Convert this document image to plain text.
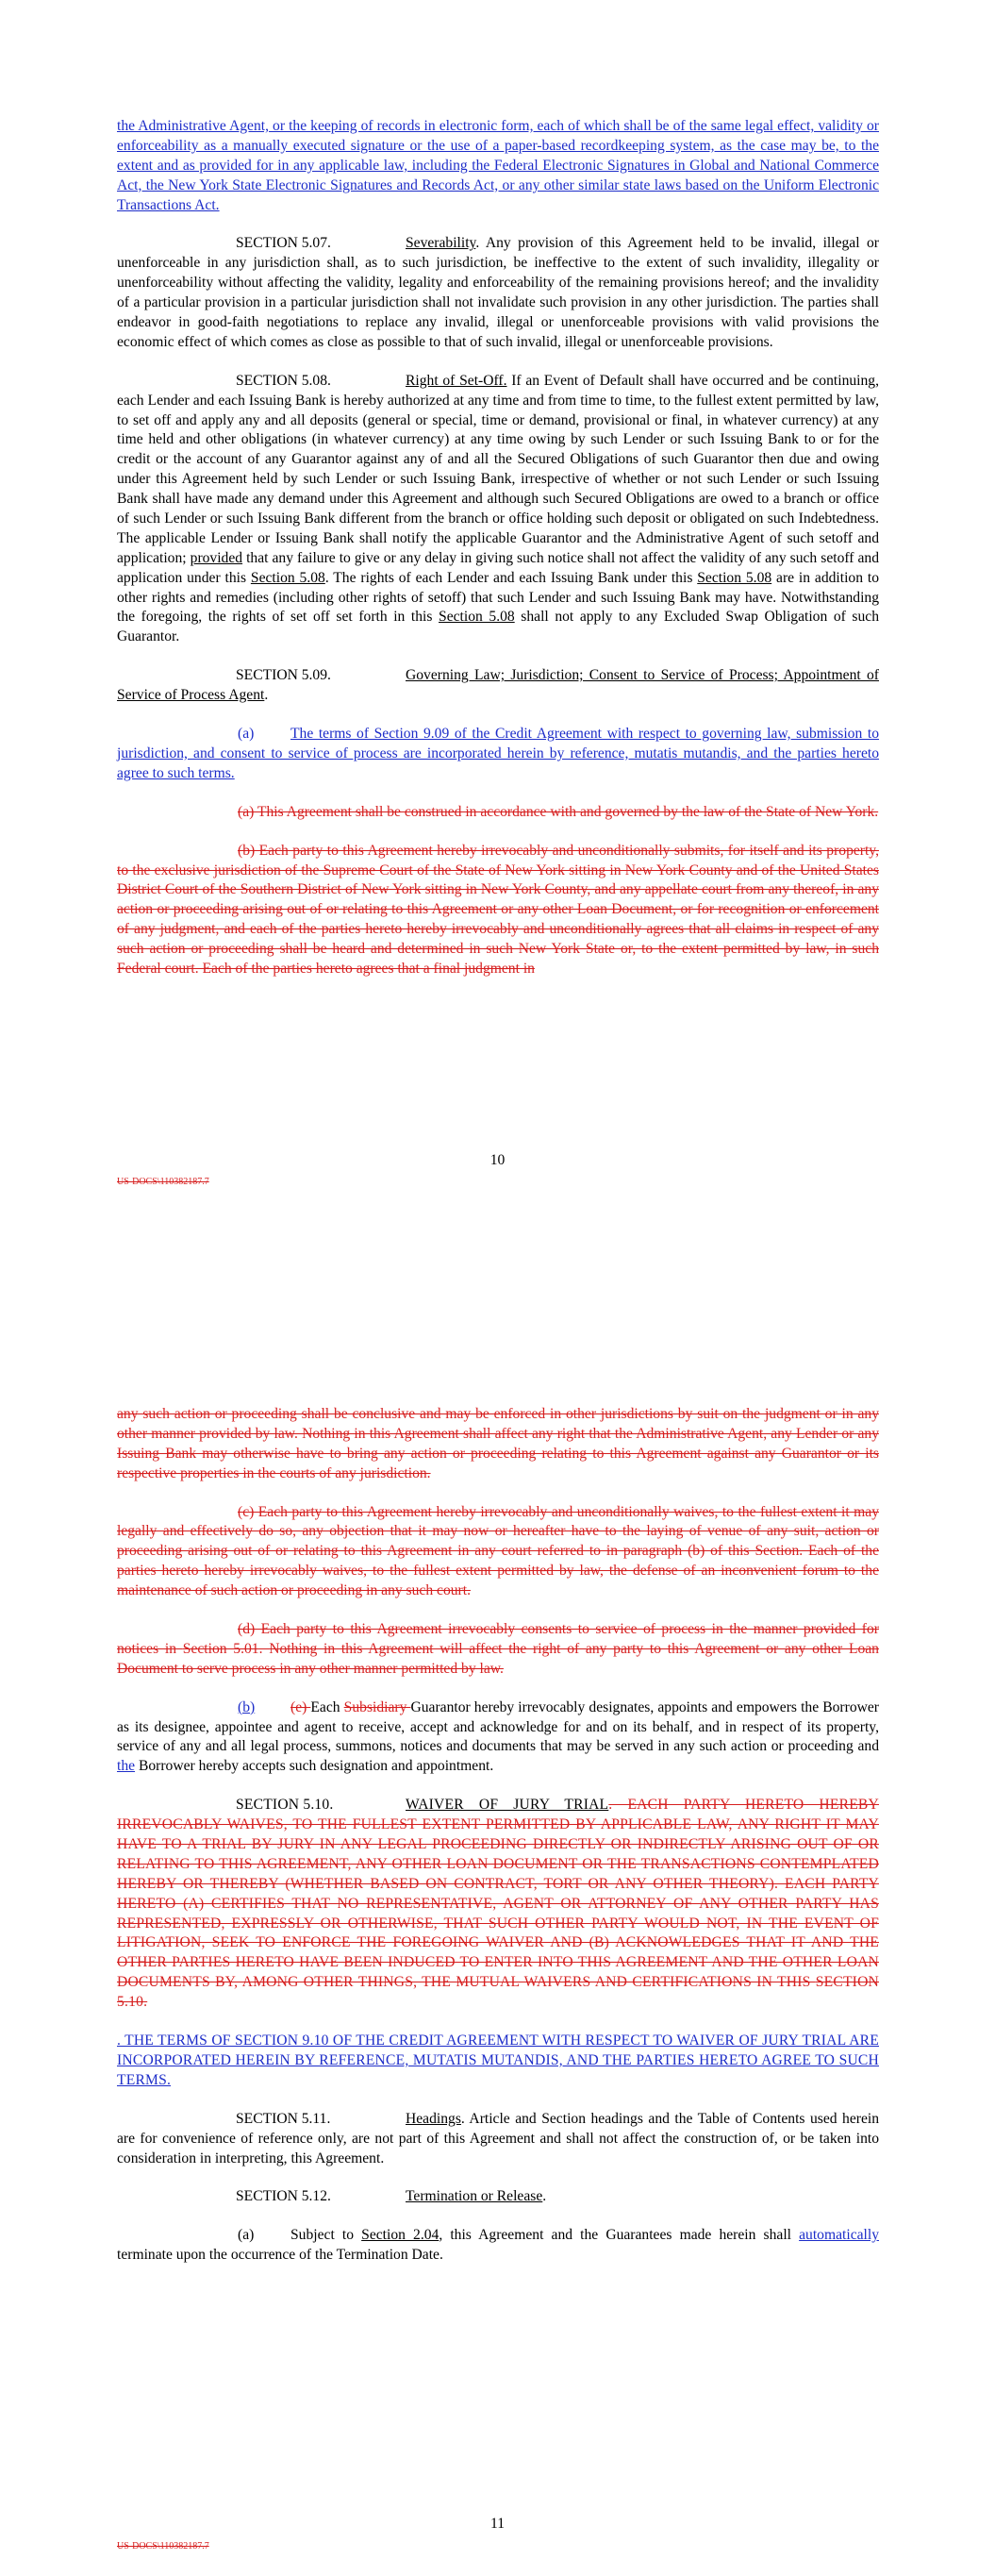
the Administrative Agent, or the keeping of records in electronic form, each of which shall be of the same legal effect, validity or enforceability as a manually executed signature or the use of a paper-based recordkeeping system, as the case may be, to the extent and as provided for in any applicable law, including the Federal Electronic Signatures in Global and National Commerce Act, the New York State Electronic Signatures and Records Act, or any other similar state laws based on the Uniform Electronic Transactions Act.

SECTION 5.07.	Severability. Any provision of this Agreement held to be invalid, illegal or unenforceable in any jurisdiction shall, as to such jurisdiction, be ineffective to the extent of such invalidity, illegality or unenforceability without affecting the validity, legality and enforceability of the remaining provisions hereof; and the invalidity of a particular provision in a particular jurisdiction shall not invalidate such provision in any other jurisdiction. The parties shall endeavor in good-faith negotiations to replace any invalid, illegal or unenforceable provisions with valid provisions the economic effect of which comes as close as possible to that of such invalid, illegal or unenforceable provisions.

SECTION 5.08.	Right of Set-Off. If an Event of Default shall have occurred and be continuing, each Lender and each Issuing Bank is hereby authorized at any time and from time to time, to the fullest extent permitted by law, to set off and apply any and all deposits (general or special, time or demand, provisional or final, in whatever currency) at any time held and other obligations (in whatever currency) at any time owing by such Lender or such Issuing Bank to or for the credit or the account of any Guarantor against any of and all the Secured Obligations of such Guarantor then due and owing under this Agreement held by such Lender or such Issuing Bank, irrespective of whether or not such Lender or such Issuing Bank shall have made any demand under this Agreement and although such Secured Obligations are owed to a branch or office of such Lender or such Issuing Bank different from the branch or office holding such deposit or obligated on such Indebtedness. The applicable Lender or Issuing Bank shall notify the applicable Guarantor and the Administrative Agent of such setoff and application; provided that any failure to give or any delay in giving such notice shall not affect the validity of any such setoff and application under this Section 5.08. The rights of each Lender and each Issuing Bank under this Section 5.08 are in addition to other rights and remedies (including other rights of setoff) that such Lender and such Issuing Bank may have. Notwithstanding the foregoing, the rights of set off set forth in this Section 5.08 shall not apply to any Excluded Swap Obligation of such Guarantor.

SECTION 5.09.	Governing Law; Jurisdiction; Consent to Service of Process; Appointment of Service of Process Agent.

(a) The terms of Section 9.09 of the Credit Agreement with respect to governing law, submission to jurisdiction, and consent to service of process are incorporated herein by reference, mutatis mutandis, and the parties hereto agree to such terms.

(a) This Agreement shall be construed in accordance with and governed by the law of the State of New York.

(b) Each party to this Agreement hereby irrevocably and unconditionally submits, for itself and its property, to the exclusive jurisdiction of the Supreme Court of the State of New York sitting in New York County and of the United States District Court of the Southern District of New York sitting in New York County, and any appellate court from any thereof, in any action or proceeding arising out of or relating to this Agreement or any other Loan Document, or for recognition or enforcement of any judgment, and each of the parties hereto hereby irrevocably and unconditionally agrees that all claims in respect of any such action or proceeding shall be heard and determined in such New York State or, to the extent permitted by law, in such Federal court. Each of the parties hereto agrees that a final judgment in

10
US-DOCS\110382187.7

any such action or proceeding shall be conclusive and may be enforced in other jurisdictions by suit on the judgment or in any other manner provided by law. Nothing in this Agreement shall affect any right that the Administrative Agent, any Lender or any Issuing Bank may otherwise have to bring any action or proceeding relating to this Agreement against any Guarantor or its respective properties in the courts of any jurisdiction.

(c) Each party to this Agreement hereby irrevocably and unconditionally waives, to the fullest extent it may legally and effectively do so, any objection that it may now or hereafter have to the laying of venue of any suit, action or proceeding arising out of or relating to this Agreement in any court referred to in paragraph (b) of this Section. Each of the parties hereto hereby irrevocably waives, to the fullest extent permitted by law, the defense of an inconvenient forum to the maintenance of such action or proceeding in any such court.

(d) Each party to this Agreement irrevocably consents to service of process in the manner provided for notices in Section 5.01. Nothing in this Agreement will affect the right of any party to this Agreement or any other Loan Document to serve process in any other manner permitted by law.

(b) (e) Each Subsidiary Guarantor hereby irrevocably designates, appoints and empowers the Borrower as its designee, appointee and agent to receive, accept and acknowledge for and on its behalf, and in respect of its property, service of any and all legal process, summons, notices and documents that may be served in any such action or proceeding and the Borrower hereby accepts such designation and appointment.

SECTION 5.10.	WAIVER OF JURY TRIAL. EACH PARTY HERETO HEREBY IRREVOCABLY WAIVES, TO THE FULLEST EXTENT PERMITTED BY APPLICABLE LAW, ANY RIGHT IT MAY HAVE TO A TRIAL BY JURY IN ANY LEGAL PROCEEDING DIRECTLY OR INDIRECTLY ARISING OUT OF OR RELATING TO THIS AGREEMENT, ANY OTHER LOAN DOCUMENT OR THE TRANSACTIONS CONTEMPLATED HEREBY OR THEREBY (WHETHER BASED ON CONTRACT, TORT OR ANY OTHER THEORY). EACH PARTY HERETO (A) CERTIFIES THAT NO REPRESENTATIVE, AGENT OR ATTORNEY OF ANY OTHER PARTY HAS REPRESENTED, EXPRESSLY OR OTHERWISE, THAT SUCH OTHER PARTY WOULD NOT, IN THE EVENT OF LITIGATION, SEEK TO ENFORCE THE FOREGOING WAIVER AND (B) ACKNOWLEDGES THAT IT AND THE OTHER PARTIES HERETO HAVE BEEN INDUCED TO ENTER INTO THIS AGREEMENT AND THE OTHER LOAN DOCUMENTS BY, AMONG OTHER THINGS, THE MUTUAL WAIVERS AND CERTIFICATIONS IN THIS SECTION 5.10.

. THE TERMS OF SECTION 9.10 OF THE CREDIT AGREEMENT WITH RESPECT TO WAIVER OF JURY TRIAL ARE INCORPORATED HEREIN BY REFERENCE, MUTATIS MUTANDIS, AND THE PARTIES HERETO AGREE TO SUCH TERMS.

SECTION 5.11.	Headings. Article and Section headings and the Table of Contents used herein are for convenience of reference only, are not part of this Agreement and shall not affect the construction of, or be taken into consideration in interpreting, this Agreement.

SECTION 5.12.	Termination or Release.

(a) Subject to Section 2.04, this Agreement and the Guarantees made herein shall automatically terminate upon the occurrence of the Termination Date.

11
US-DOCS\110382187.7
